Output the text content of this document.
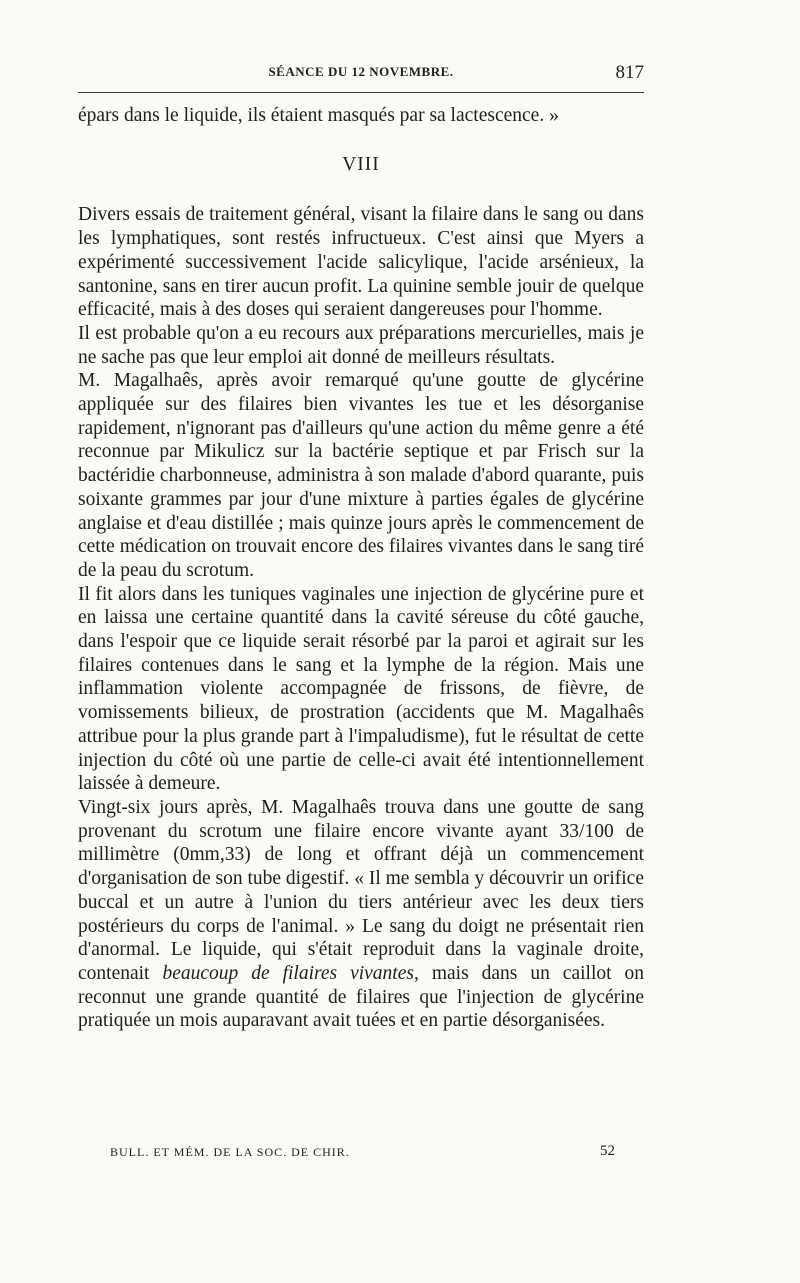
SÉANCE DU 12 NOVEMBRE.	817

épars dans le liquide, ils étaient masqués par sa lactescence. »

VIII

Divers essais de traitement général, visant la filaire dans le sang ou dans les lymphatiques, sont restés infructueux. C'est ainsi que Myers a expérimenté successivement l'acide salicylique, l'acide arsénieux, la santonine, sans en tirer aucun profit. La quinine semble jouir de quelque efficacité, mais à des doses qui seraient dangereuses pour l'homme.

Il est probable qu'on a eu recours aux préparations mercurielles, mais je ne sache pas que leur emploi ait donné de meilleurs résultats.

M. Magalhaês, après avoir remarqué qu'une goutte de glycérine appliquée sur des filaires bien vivantes les tue et les désorganise rapidement, n'ignorant pas d'ailleurs qu'une action du même genre a été reconnue par Mikulicz sur la bactérie septique et par Frisch sur la bactéridie charbonneuse, administra à son malade d'abord quarante, puis soixante grammes par jour d'une mixture à parties égales de glycérine anglaise et d'eau distillée ; mais quinze jours après le commencement de cette médication on trouvait encore des filaires vivantes dans le sang tiré de la peau du scrotum.

Il fit alors dans les tuniques vaginales une injection de glycérine pure et en laissa une certaine quantité dans la cavité séreuse du côté gauche, dans l'espoir que ce liquide serait résorbé par la paroi et agirait sur les filaires contenues dans le sang et la lymphe de la région. Mais une inflammation violente accompagnée de frissons, de fièvre, de vomissements bilieux, de prostration (accidents que M. Magalhaês attribue pour la plus grande part à l'impaludisme), fut le résultat de cette injection du côté où une partie de celle-ci avait été intentionnellement laissée à demeure.

Vingt-six jours après, M. Magalhaês trouva dans une goutte de sang provenant du scrotum une filaire encore vivante ayant 33/100 de millimètre (0mm,33) de long et offrant déjà un commencement d'organisation de son tube digestif. « Il me sembla y découvrir un orifice buccal et un autre à l'union du tiers antérieur avec les deux tiers postérieurs du corps de l'animal. » Le sang du doigt ne présentait rien d'anormal. Le liquide, qui s'était reproduit dans la vaginale droite, contenait beaucoup de filaires vivantes, mais dans un caillot on reconnut une grande quantité de filaires que l'injection de glycérine pratiquée un mois auparavant avait tuées et en partie désorganisées.

BULL. ET MÉM. DE LA SOC. DE CHIR.	52
